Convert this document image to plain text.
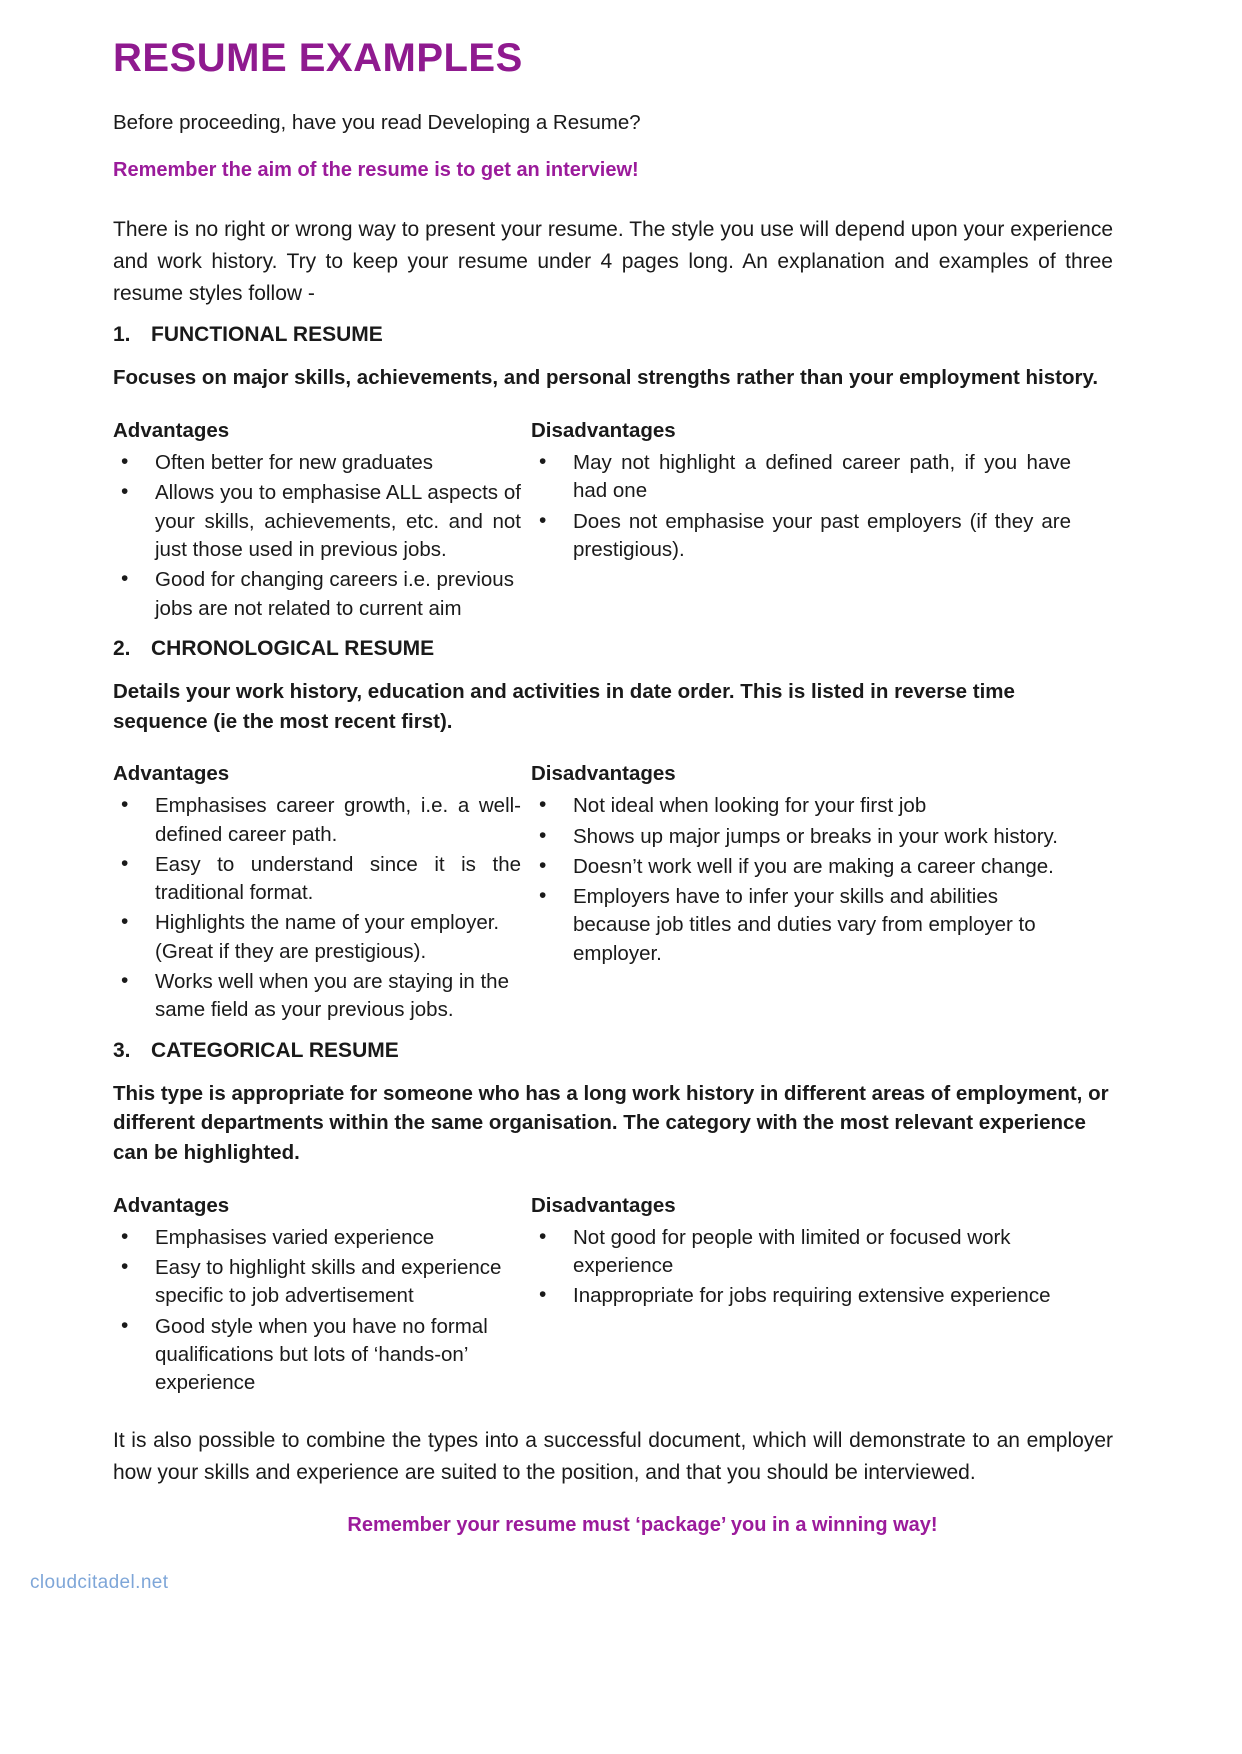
RESUME EXAMPLES

Before proceeding, have you read Developing a Resume?

Remember the aim of the resume is to get an interview!

There is no right or wrong way to present your resume. The style you use will depend upon your experience and work history. Try to keep your resume under 4 pages long. An explanation and examples of three resume styles follow -

1. FUNCTIONAL RESUME

Focuses on major skills, achievements, and personal strengths rather than your employment history.

Advantages
• Often better for new graduates
• Allows you to emphasise ALL aspects of your skills, achievements, etc. and not just those used in previous jobs.
• Good for changing careers i.e. previous jobs are not related to current aim
Disadvantages
• May not highlight a defined career path, if you have had one
• Does not emphasise your past employers (if they are prestigious).
2. CHRONOLOGICAL RESUME

Details your work history, education and activities in date order. This is listed in reverse time sequence (ie the most recent first).

Advantages
• Emphasises career growth, i.e. a well-defined career path.
• Easy to understand since it is the traditional format.
• Highlights the name of your employer. (Great if they are prestigious).
• Works well when you are staying in the same field as your previous jobs.
Disadvantages
• Not ideal when looking for your first job
• Shows up major jumps or breaks in your work history.
• Doesn’t work well if you are making a career change.
• Employers have to infer your skills and abilities because job titles and duties vary from employer to employer.
3. CATEGORICAL RESUME

This type is appropriate for someone who has a long work history in different areas of employment, or different departments within the same organisation. The category with the most relevant experience can be highlighted.

Advantages
• Emphasises varied experience
• Easy to highlight skills and experience specific to job advertisement
• Good style when you have no formal qualifications but lots of ‘hands-on’ experience
Disadvantages
• Not good for people with limited or focused work experience
• Inappropriate for jobs requiring extensive experience

It is also possible to combine the types into a successful document, which will demonstrate to an employer how your skills and experience are suited to the position, and that you should be interviewed.

Remember your resume must ‘package’ you in a winning way!

cloudcitadel.net
